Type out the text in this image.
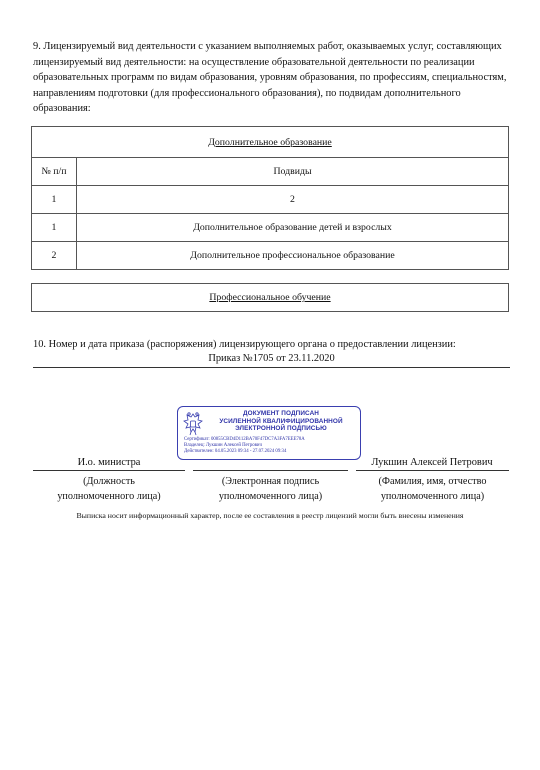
9. Лицензируемый вид деятельности с указанием выполняемых работ, оказываемых услуг, составляющих лицензируемый вид деятельности: на осуществление образовательной деятельности по реализации образовательных программ по видам образования, уровням образования, по профессиям, специальностям, направлениям подготовки (для профессионального образования), по подвидам дополнительного образования:

Дополнительное образование	
№ п/п	Подвиды
1	2
1	Дополнительное образование детей и взрослых
2	Дополнительное профессиональное образование
Профессиональное обучение

10. Номер и дата приказа (распоряжения) лицензирующего органа о предоставлении лицензии:

Приказ №1705 от 23.11.2020
ДОКУМЕНТ ПОДПИСАН
УСИЛЕННОЙ КВАЛИФИЦИРОВАННОЙ
ЭЛЕКТРОННОЙ ПОДПИСЬЮ
Сертификат: 00855CBD4D112BA70F47DC7A3FA7EEE78A
Владелец: Лукшин Алексей Петрович
Действителен: 04.05.2023 09:34 - 27.07.2024 09:34
И.о. министра	Лукшин Алексей Петрович
(Должность
уполномоченного лица)
(Электронная подпись
уполномоченного лица)
(Фамилия, имя, отчество
уполномоченного лица)
Выписка носит информационный характер, после ее составления в реестр лицензий могли быть внесены изменения
